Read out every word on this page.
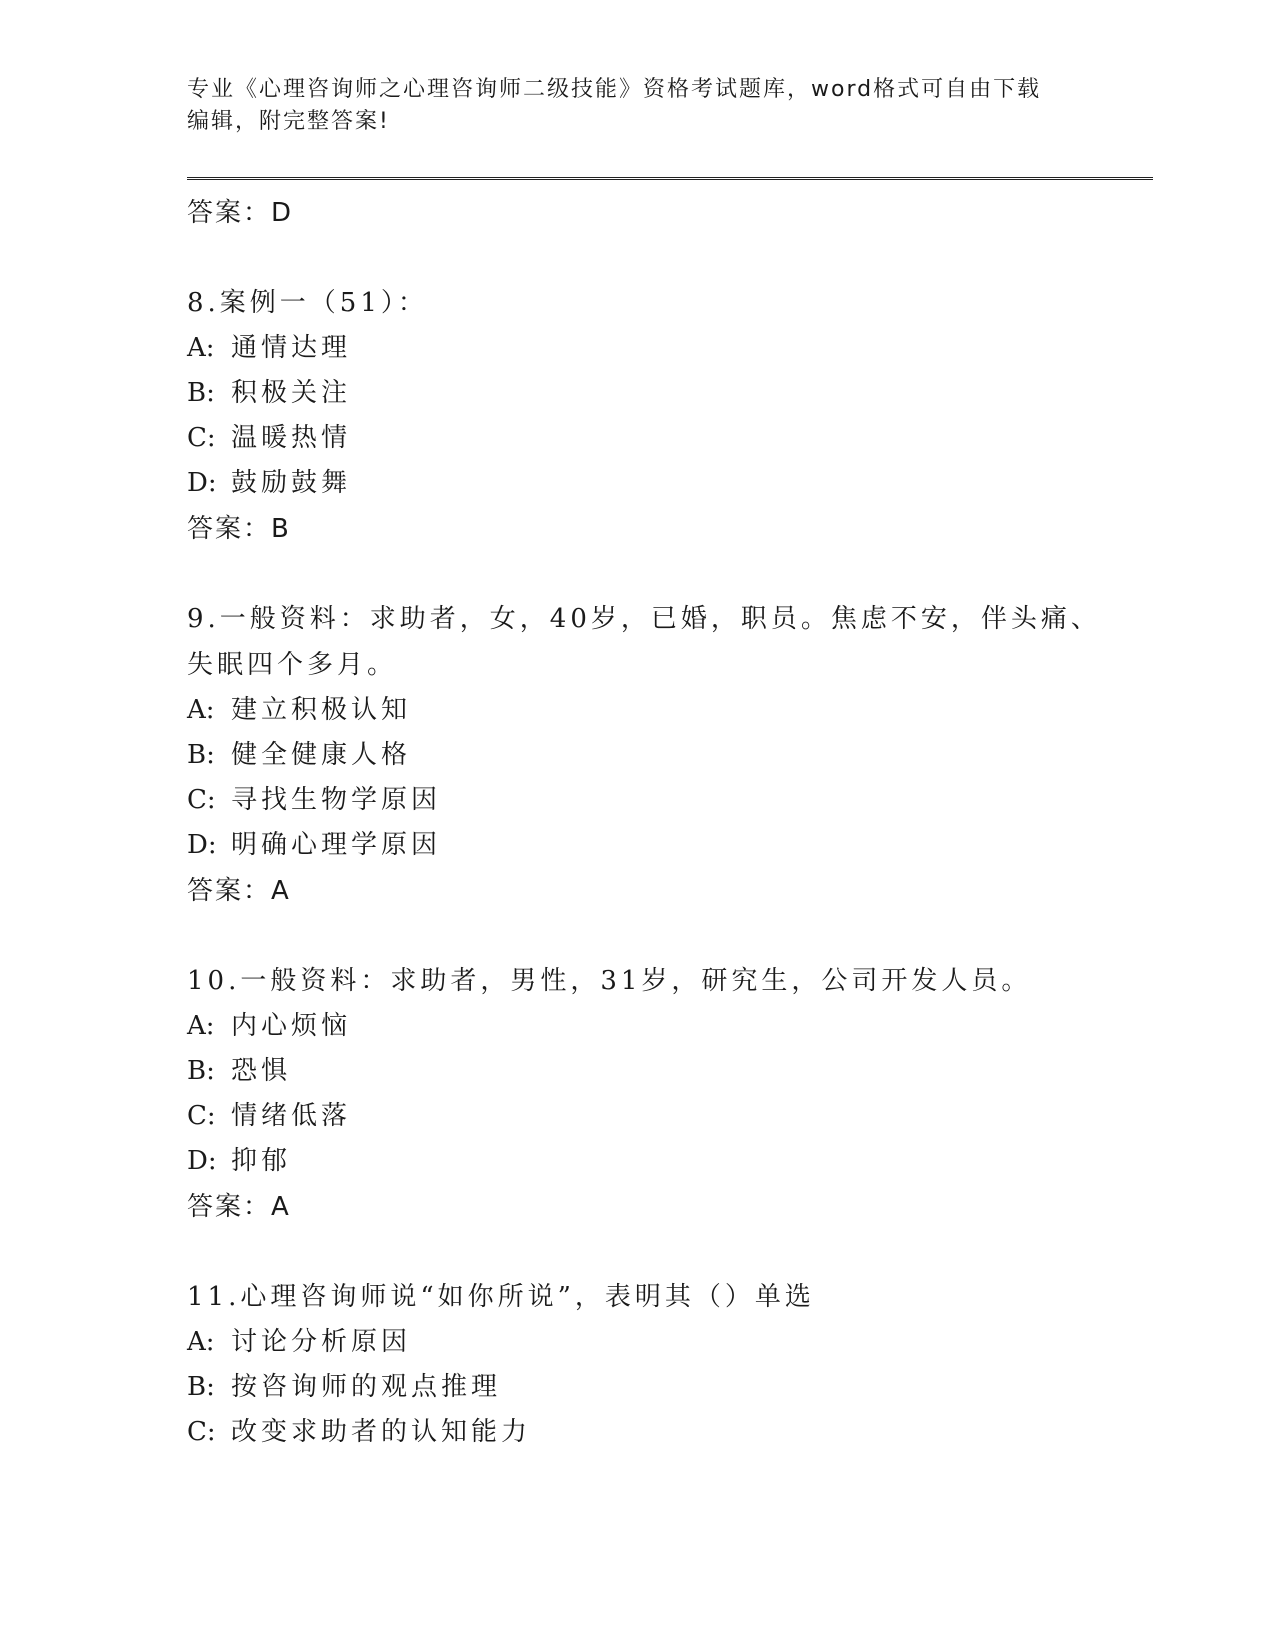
专业《心理咨询师之心理咨询师二级技能》资格考试题库，word格式可自由下载
编辑，附完整答案!
答案：D
8.案例一（51）：
A: 通情达理
B: 积极关注
C: 温暖热情
D: 鼓励鼓舞
答案：B
9.一般资料：求助者，女，40岁，已婚，职员。焦虑不安，伴头痛、
失眠四个多月。
A: 建立积极认知
B: 健全健康人格
C: 寻找生物学原因
D: 明确心理学原因
答案：A
10.一般资料：求助者，男性，31岁，研究生，公司开发人员。
A: 内心烦恼
B: 恐惧
C: 情绪低落
D: 抑郁
答案：A
11.心理咨询师说“如你所说”，表明其（）单选
A: 讨论分析原因
B: 按咨询师的观点推理
C: 改变求助者的认知能力
